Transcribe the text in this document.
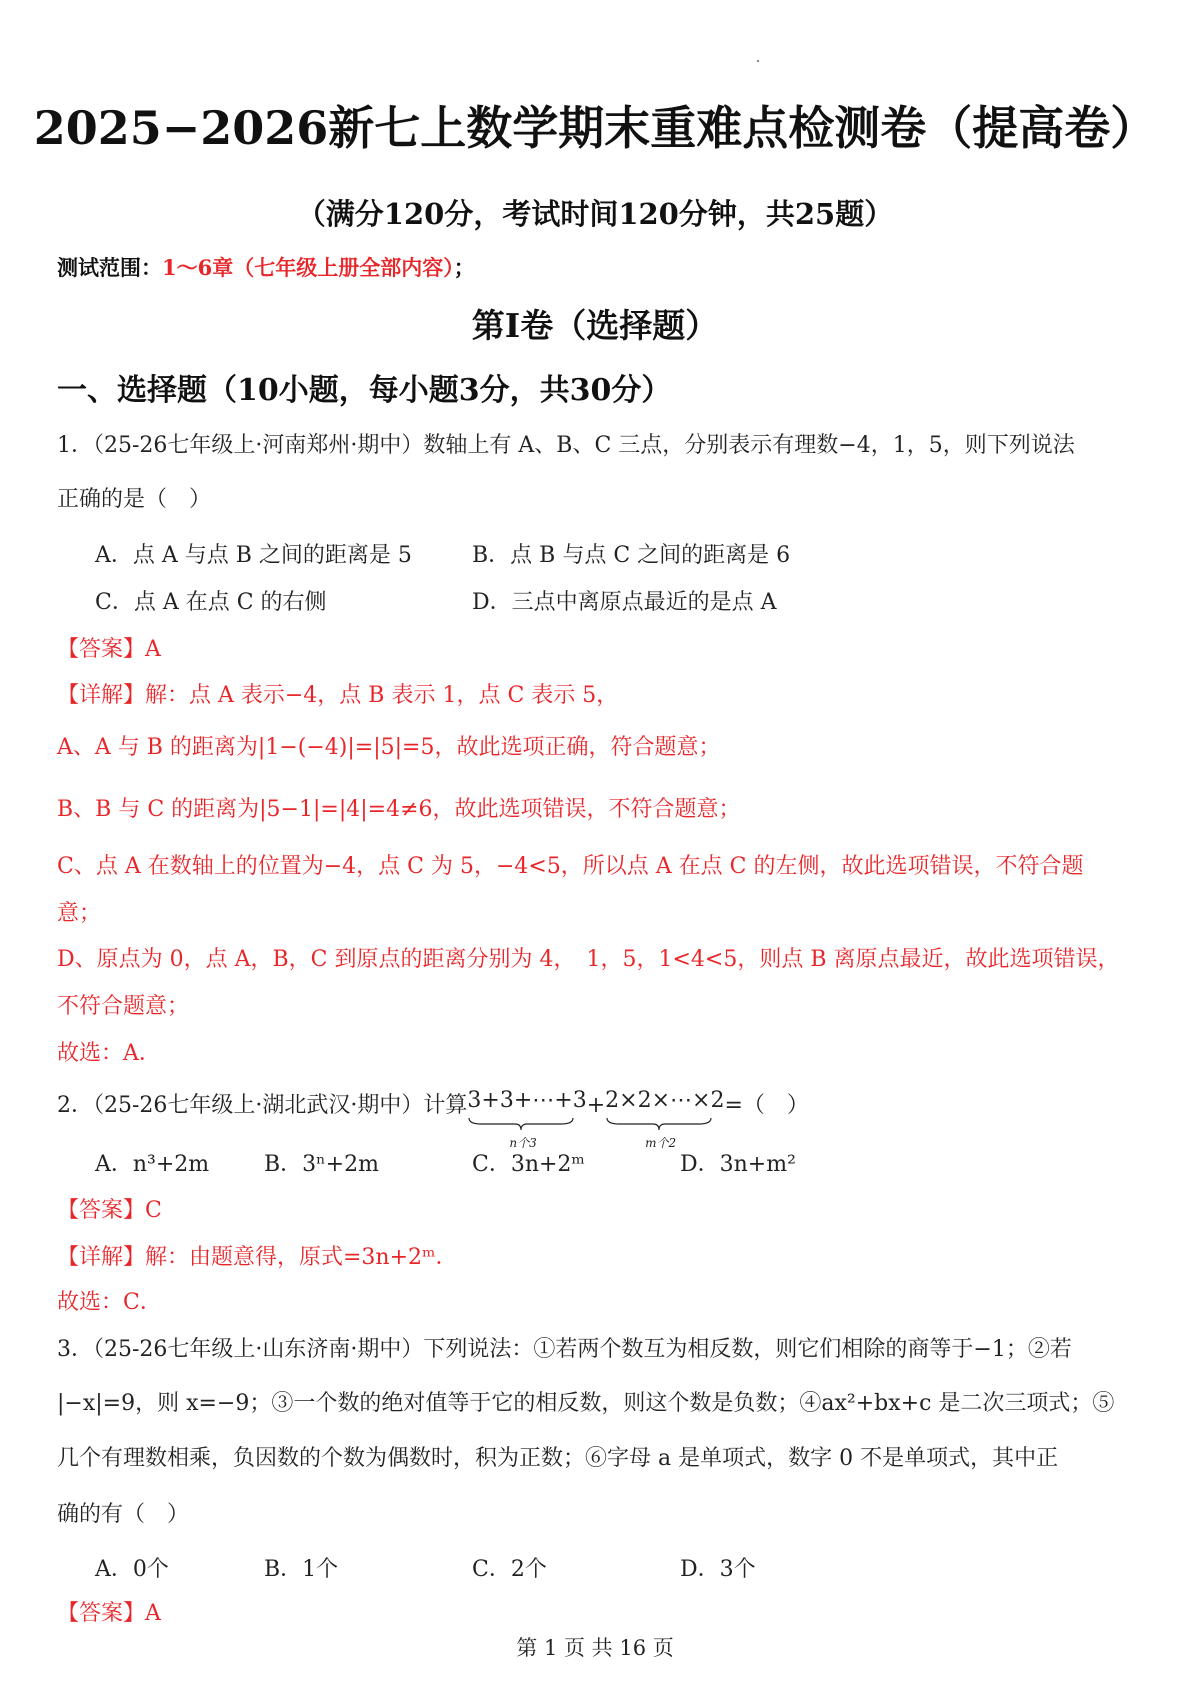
2025−2026新七上数学期末重难点检测卷（提高卷）
（满分120分，考试时间120分钟，共25题）
测试范围：1～6章（七年级上册全部内容）；
第I卷（选择题）
一、选择题（10小题，每小题3分，共30分）
1．（25-26七年级上·河南郑州·期中）数轴上有 A、B、C 三点，分别表示有理数−4，1，5，则下列说法
正确的是（　）
A．点 A 与点 B 之间的距离是 5	B．点 B 与点 C 之间的距离是 6
C．点 A 在点 C 的右侧	D．三点中离原点最近的是点 A
【答案】A
【详解】解：点 A 表示−4，点 B 表示 1，点 C 表示 5，
A、A 与 B 的距离为|1−(−4)|=|5|=5，故此选项正确，符合题意；
B、B 与 C 的距离为|5−1|=|4|=4≠6，故此选项错误，不符合题意；
C、点 A 在数轴上的位置为−4，点 C 为 5，−4<5，所以点 A 在点 C 的左侧，故此选项错误，不符合题
意；
D、原点为 0，点 A，B，C 到原点的距离分别为 4，　1，5，1<4<5，则点 B 离原点最近，故此选项错误，
不符合题意；
故选：A．
2．（25-26七年级上·湖北武汉·期中）计算3+3+⋯+3
n个3
+2×2×⋯×2
m个2
=（　）
A．n³+2m B．3ⁿ+2m	C．3n+2ᵐ	D．3n+m²
【答案】C
【详解】解：由题意得，原式=3n+2ᵐ．
故选：C．
3．（25-26七年级上·山东济南·期中）下列说法：①若两个数互为相反数，则它们相除的商等于−1；②若
|−x|=9，则 x=−9；③一个数的绝对值等于它的相反数，则这个数是负数；④ax²+bx+c 是二次三项式；⑤
几个有理数相乘，负因数的个数为偶数时，积为正数；⑥字母 a 是单项式，数字 0 不是单项式，其中正
确的有（　）
A．0个	B．1个	C．2个	D．3个
【答案】A
第 1 页 共 16 页
